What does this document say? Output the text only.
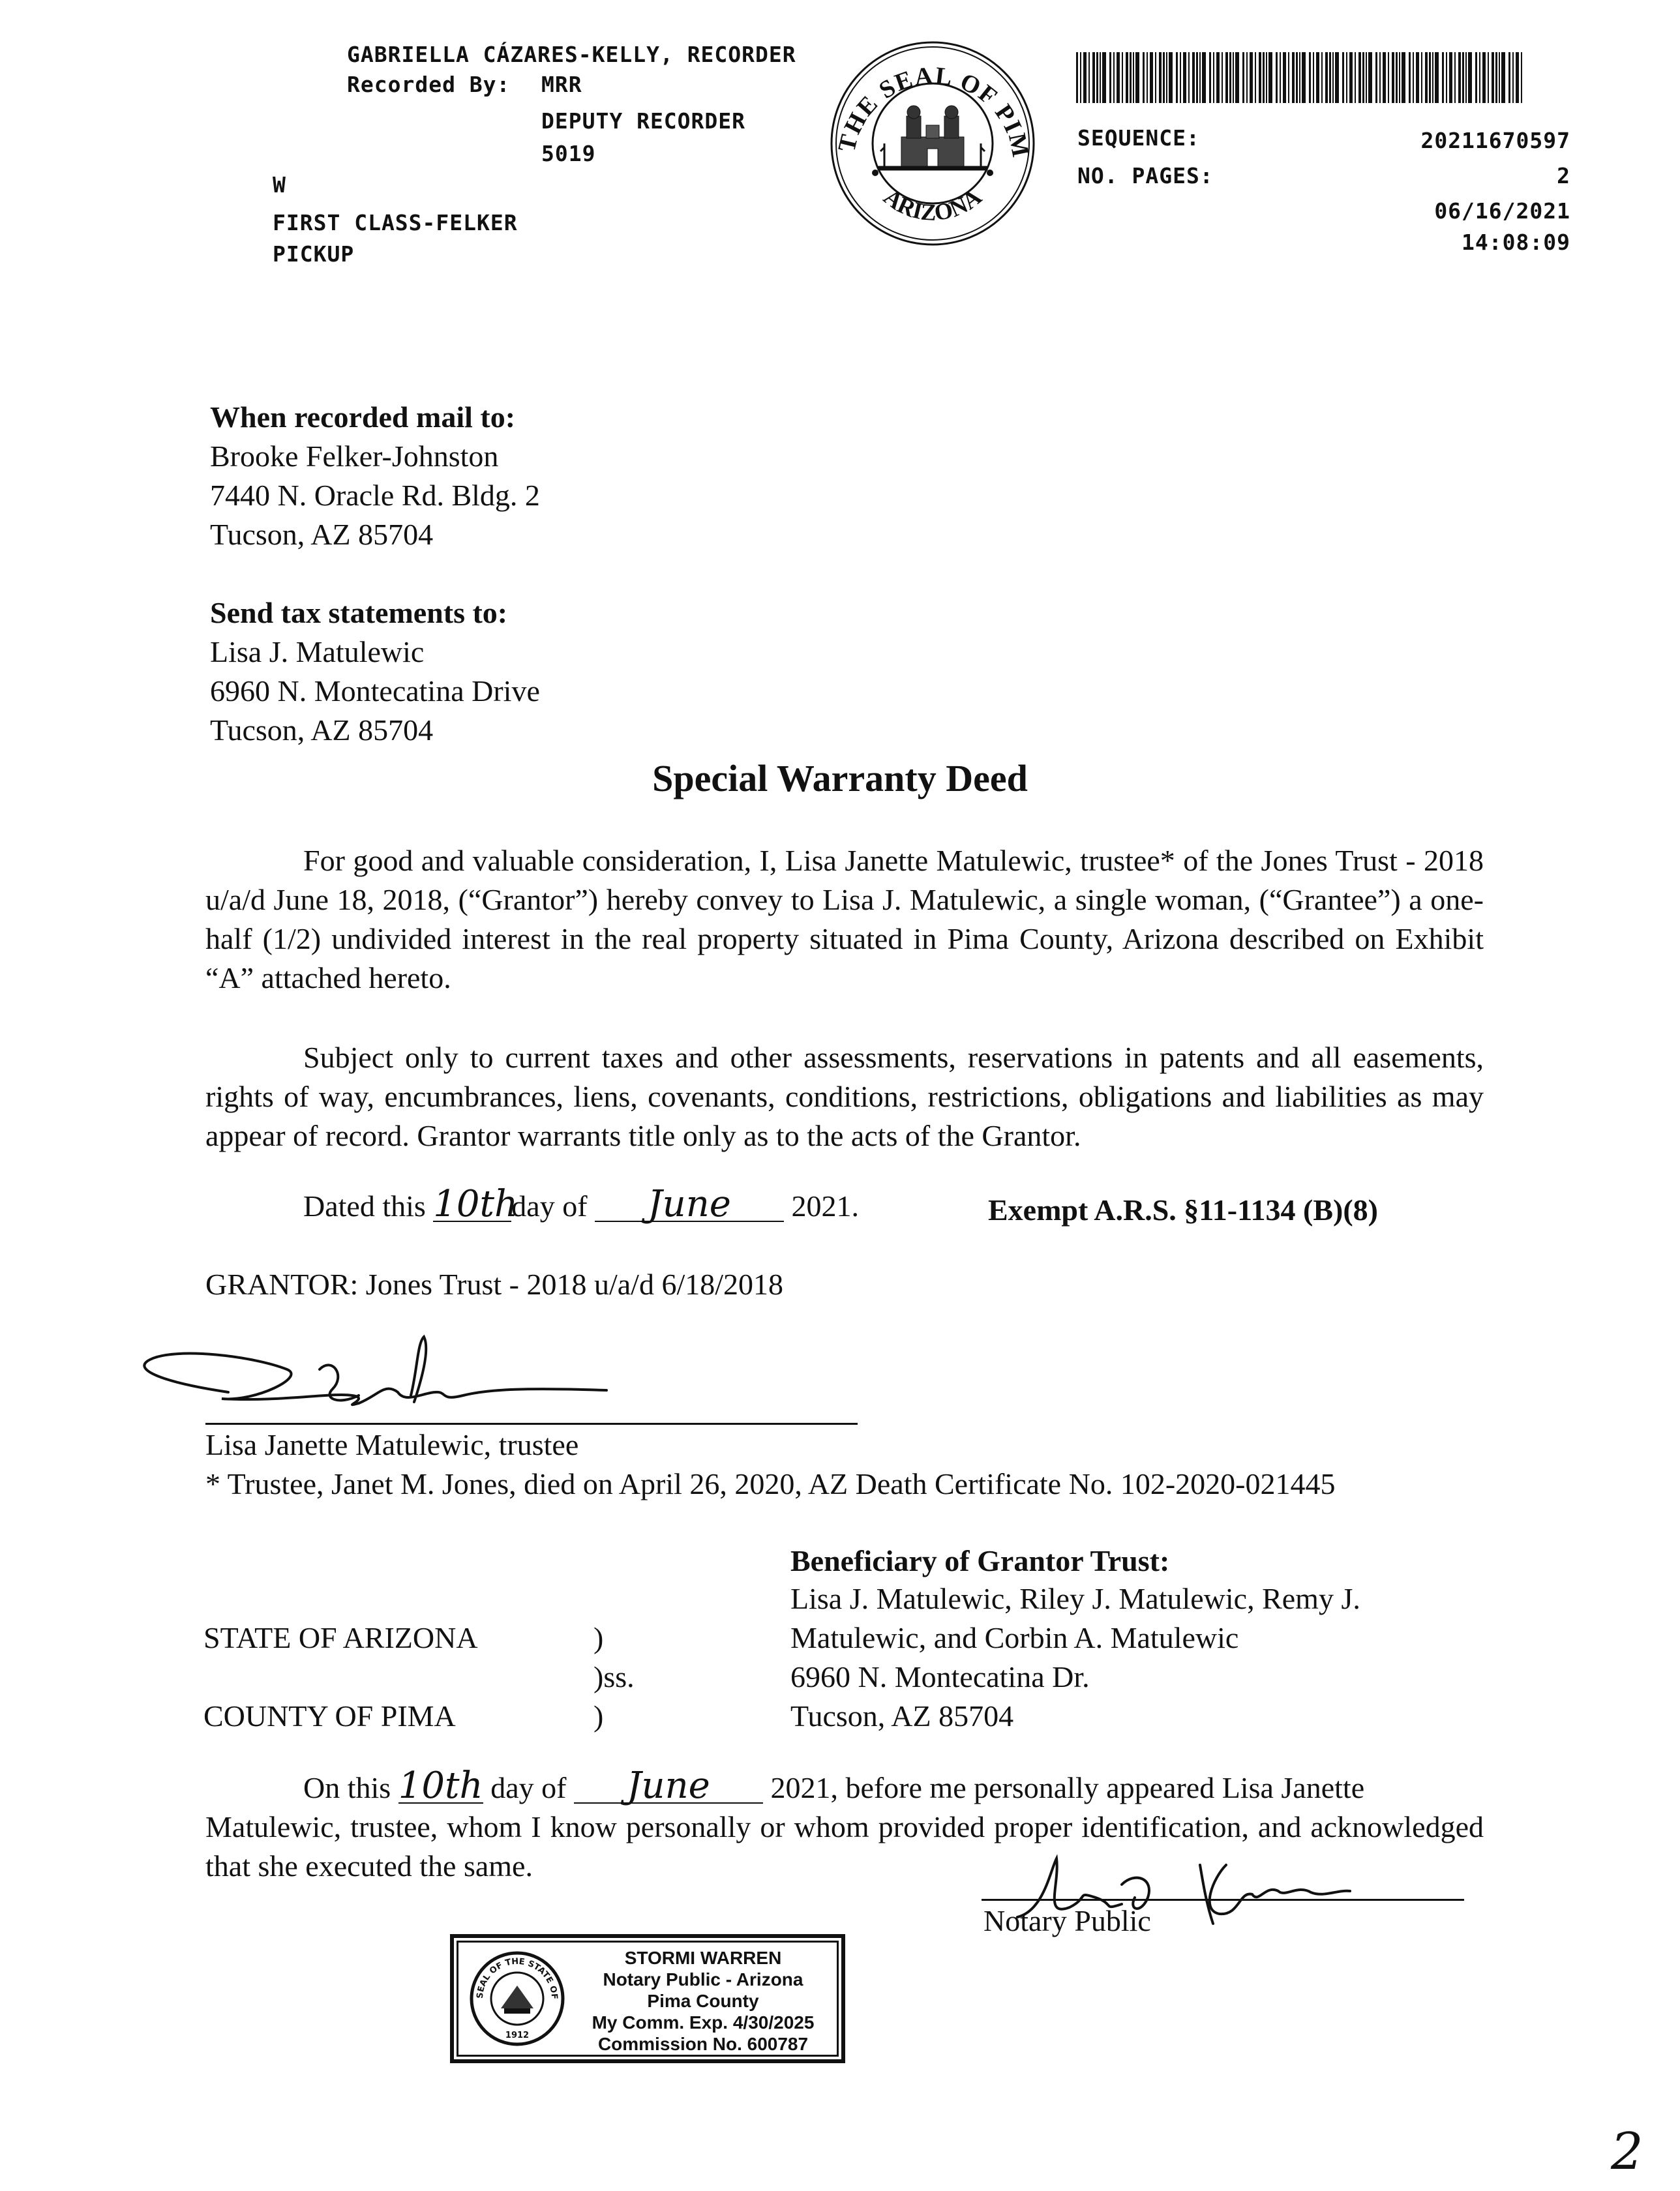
GABRIELLA CÁZARES-KELLY, RECORDER
Recorded By: MRR
DEPUTY RECORDER
5019
W
FIRST CLASS-FELKER
PICKUP
THE SEAL OF PIMA COUNTY
ARIZONA
SEQUENCE:	20211670597
NO. PAGES:	2
06/16/2021
14:08:09
When recorded mail to:
Brooke Felker-Johnston
7440 N. Oracle Rd. Bldg. 2
Tucson, AZ 85704
Send tax statements to:
Lisa J. Matulewic
6960 N. Montecatina Drive
Tucson, AZ 85704
Special Warranty Deed
For good and valuable consideration, I, Lisa Janette Matulewic, trustee* of the Jones Trust - 2018 u/a/d June 18, 2018, (“Grantor”) hereby convey to Lisa J. Matulewic, a single woman, (“Grantee”) a one-half (1/2) undivided interest in the real property situated in Pima County, Arizona described on Exhibit “A” attached hereto.
Subject only to current taxes and other assessments, reservations in patents and all easements, rights of way, encumbrances, liens, covenants, conditions, restrictions, obligations and liabilities as may appear of record. Grantor warrants title only as to the acts of the Grantor.
Dated this 10thday of June 2021.	Exempt A.R.S. §11-1134 (B)(8)
GRANTOR: Jones Trust - 2018 u/a/d 6/18/2018
Lisa Janette Matulewic, trustee
* Trustee, Janet M. Jones, died on April 26, 2020, AZ Death Certificate No. 102-2020-021445
Beneficiary of Grantor Trust:
Lisa J. Matulewic, Riley J. Matulewic, Remy J.
Matulewic, and Corbin A. Matulewic
6960 N. Montecatina Dr.
Tucson, AZ 85704
STATE OF ARIZONA	)
)ss.
COUNTY OF PIMA	)
On this 10th day of June 2021, before me personally appeared Lisa Janette
Matulewic, trustee, whom I know personally or whom provided proper identification, and acknowledged that she executed the same.
Notary Public
SEAL OF THE STATE OF ARIZONA
1912
STORMI WARREN
Notary Public - Arizona
Pima County
My Comm. Exp. 4/30/2025
Commission No. 600787
2
